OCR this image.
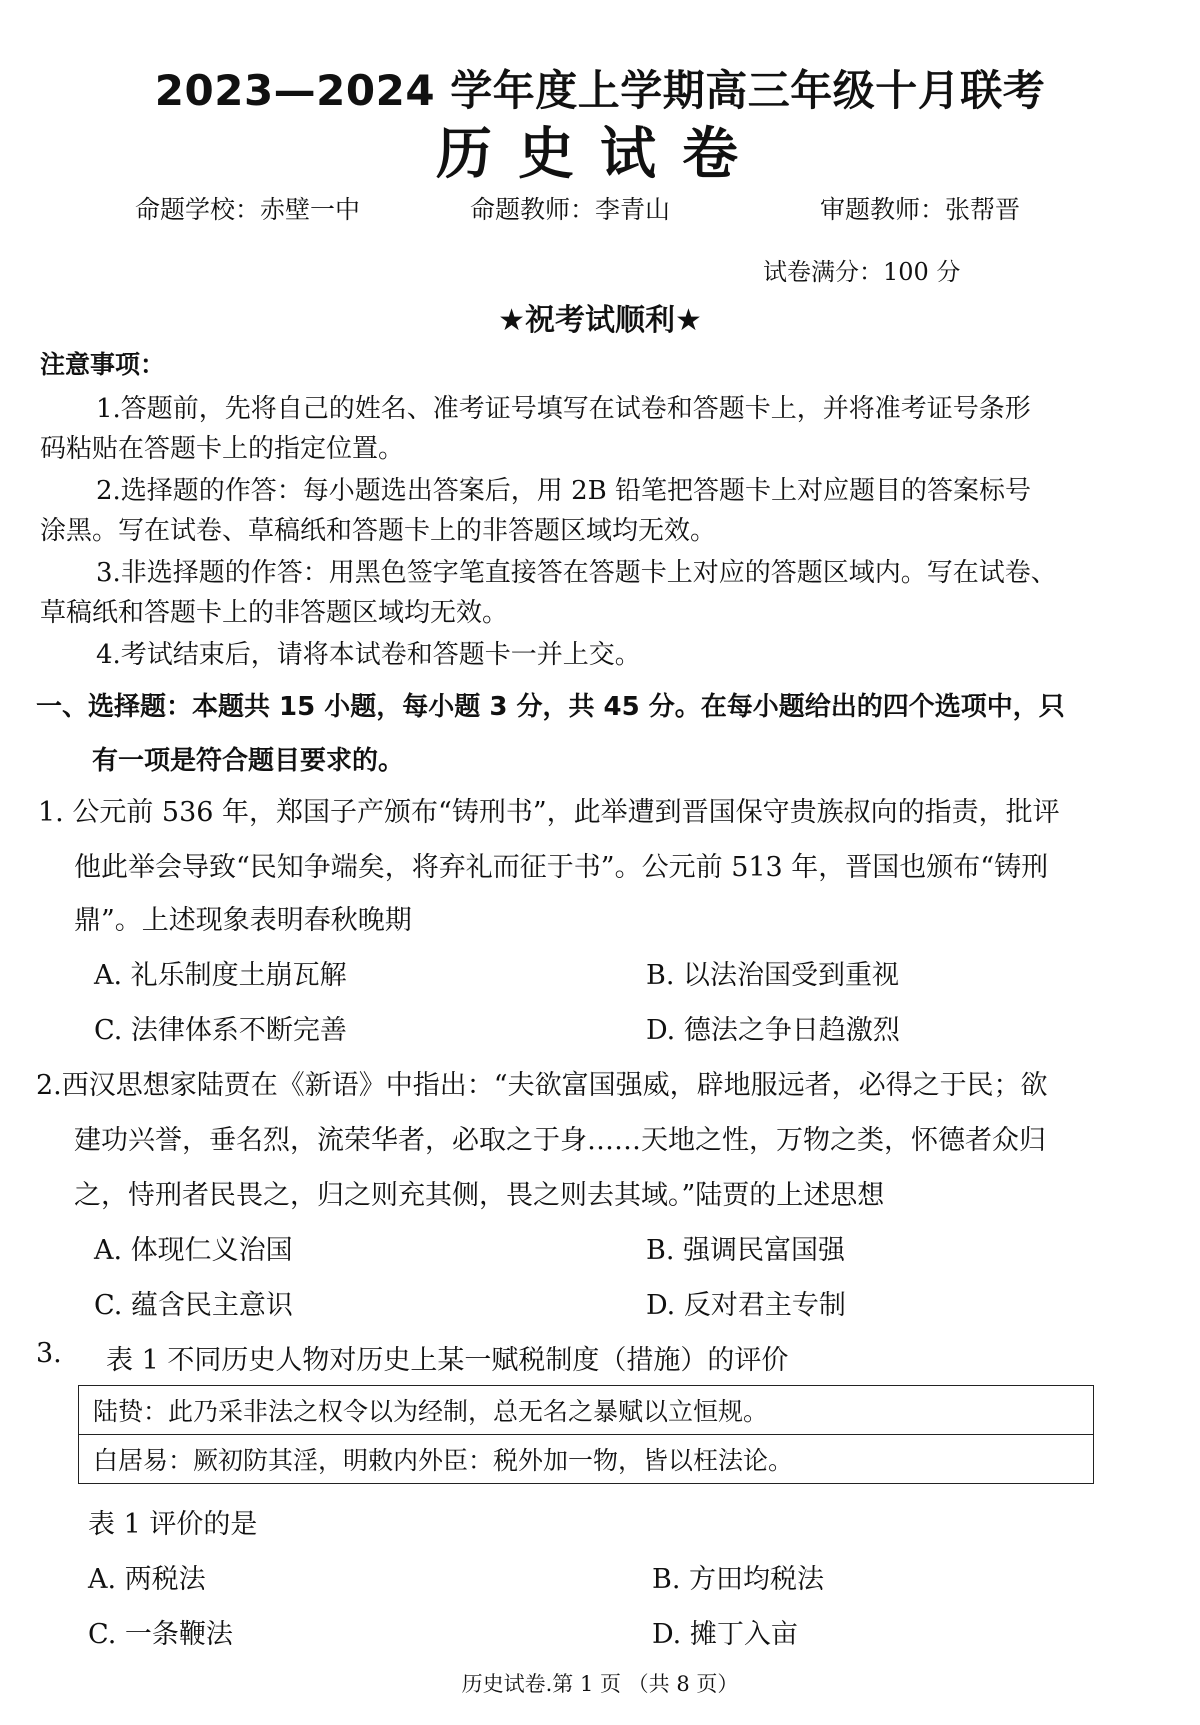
2023—2024 学年度上学期高三年级十月联考
历史试卷
命题学校：赤壁一中	命题教师：李青山	审题教师：张帮晋
试卷满分：100 分
★祝考试顺利★
注意事项：
1.答题前，先将自己的姓名、准考证号填写在试卷和答题卡上，并将准考证号条形
码粘贴在答题卡上的指定位置。
2.选择题的作答：每小题选出答案后，用 2B 铅笔把答题卡上对应题目的答案标号
涂黑。写在试卷、草稿纸和答题卡上的非答题区域均无效。
3.非选择题的作答：用黑色签字笔直接答在答题卡上对应的答题区域内。写在试卷、
草稿纸和答题卡上的非答题区域均无效。
4.考试结束后，请将本试卷和答题卡一并上交。
一、选择题：本题共 15 小题，每小题 3 分，共 45 分。在每小题给出的四个选项中，只
有一项是符合题目要求的。
1. 公元前 536 年，郑国子产颁布“铸刑书”，此举遭到晋国保守贵族叔向的指责，批评
他此举会导致“民知争端矣，将弃礼而征于书”。公元前 513 年，晋国也颁布“铸刑
鼎”。上述现象表明春秋晚期
A. 礼乐制度土崩瓦解	B. 以法治国受到重视
C. 法律体系不断完善	D. 德法之争日趋激烈
2.西汉思想家陆贾在《新语》中指出：“夫欲富国强威，辟地服远者，必得之于民；欲
建功兴誉，垂名烈，流荣华者，必取之于身……天地之性，万物之类，怀德者众归
之，恃刑者民畏之，归之则充其侧，畏之则去其域。”陆贾的上述思想
A. 体现仁义治国	B. 强调民富国强
C. 蕴含民主意识	D. 反对君主专制
3. 表 1 不同历史人物对历史上某一赋税制度（措施）的评价
陆贽：此乃采非法之权令以为经制，总无名之暴赋以立恒规。
白居易：厥初防其淫，明敕内外臣：税外加一物，皆以枉法论。
表 1 评价的是
A. 两税法	B. 方田均税法
C. 一条鞭法	D. 摊丁入亩
历史试卷.第 1 页 （共 8 页）
